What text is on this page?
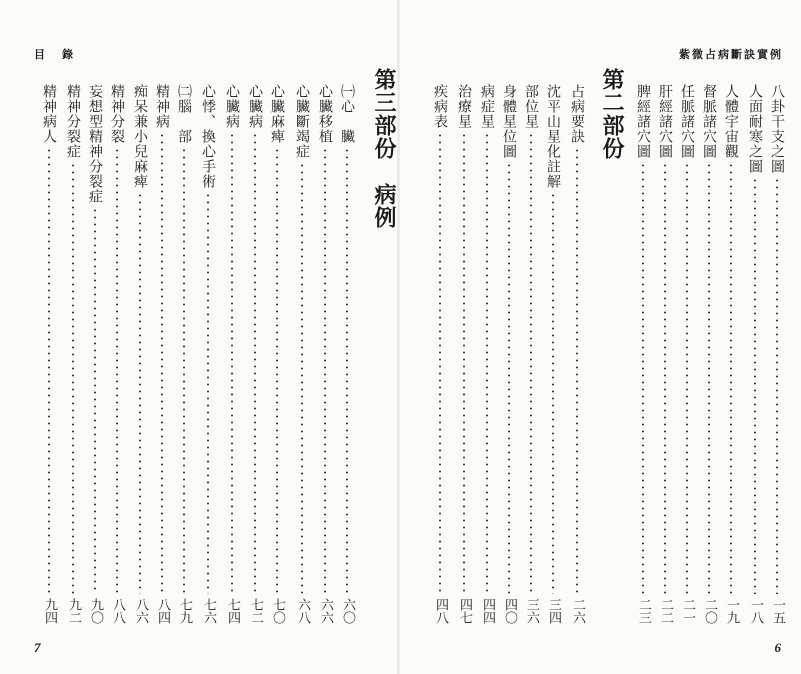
目　錄
第三部份　病例
㈠心　臟
六〇
心臟移植
六六
心臟斷竭症
六八
心臟麻痺
七〇
心臟病
七二
心臟病
七四
心悸、換心手術
七六
㈡腦　部
七九
精神病
八四
痴呆兼小兒麻痺
八六
精神分裂
八八
妄想型精神分裂症
九〇
精神分裂症
九二
精神病人
九四
7
紫微占病斷訣實例
八卦干支之圖
一五
人面耐寒之圖
一八
人體宇宙觀
一九
督脈諸穴圖
二〇
任脈諸穴圖
二一
肝經諸穴圖
二二
脾經諸穴圖
二三
第二部份
占病要訣
二六
沈平山星化註解
三四
部位星
三六
身體星位圖
四〇
病症星
四四
治療星
四七
疾病表
四八
6
